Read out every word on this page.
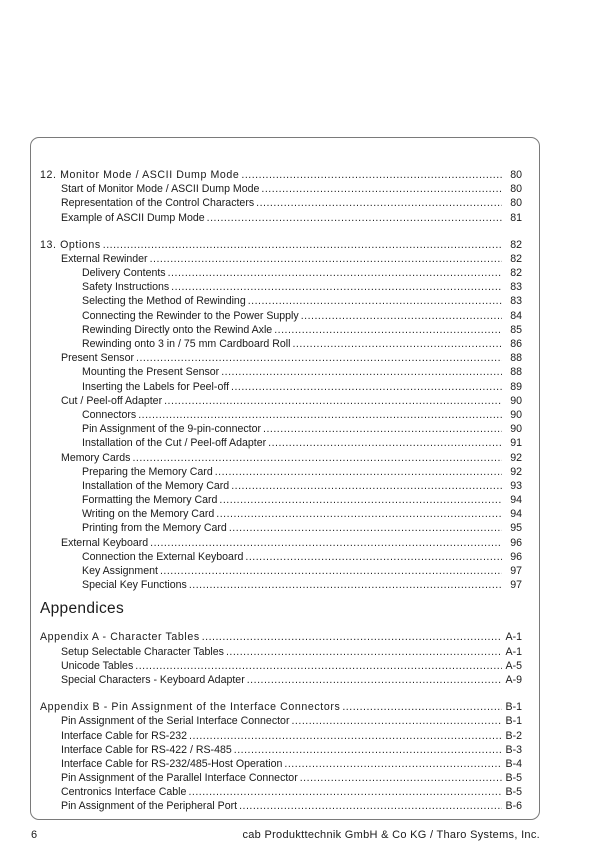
12. Monitor Mode / ASCII Dump Mode .....	80
Start of Monitor Mode / ASCII Dump Mode .....	80
Representation of the Control Characters .....	80
Example of ASCII Dump Mode .....	81
13. Options .....	82
External Rewinder .....	82
Delivery Contents .....	82
Safety Instructions .....	83
Selecting the Method of Rewinding .....	83
Connecting the Rewinder to the Power Supply .....	84
Rewinding Directly onto the Rewind Axle .....	85
Rewinding onto 3 in / 75 mm Cardboard Roll .....	86
Present Sensor .....	88
Mounting the Present Sensor .....	88
Inserting the Labels for Peel-off .....	89
Cut / Peel-off Adapter .....	90
Connectors .....	90
Pin Assignment of the 9-pin-connector .....	90
Installation of the Cut / Peel-off Adapter .....	91
Memory Cards .....	92
Preparing the Memory Card .....	92
Installation of the Memory Card .....	93
Formatting the Memory Card .....	94
Writing on the Memory Card .....	94
Printing from the Memory Card .....	95
External Keyboard .....	96
Connection the External Keyboard .....	96
Key Assignment .....	97
Special Key Functions .....	97
Appendices
Appendix A - Character Tables .....	A-1
Setup Selectable Character Tables .....	A-1
Unicode Tables .....	A-5
Special Characters - Keyboard Adapter .....	A-9
Appendix B - Pin Assignment of the Interface Connectors .....	B-1
Pin Assignment of the Serial Interface Connector .....	B-1
Interface Cable for RS-232 .....	B-2
Interface Cable for RS-422 / RS-485 .....	B-3
Interface Cable for RS-232/485-Host Operation .....	B-4
Pin Assignment of the Parallel Interface Connector .....	B-5
Centronics Interface Cable .....	B-5
Pin Assignment of the Peripheral Port .....	B-6
6	cab Produkttechnik GmbH & Co KG / Tharo Systems, Inc.
